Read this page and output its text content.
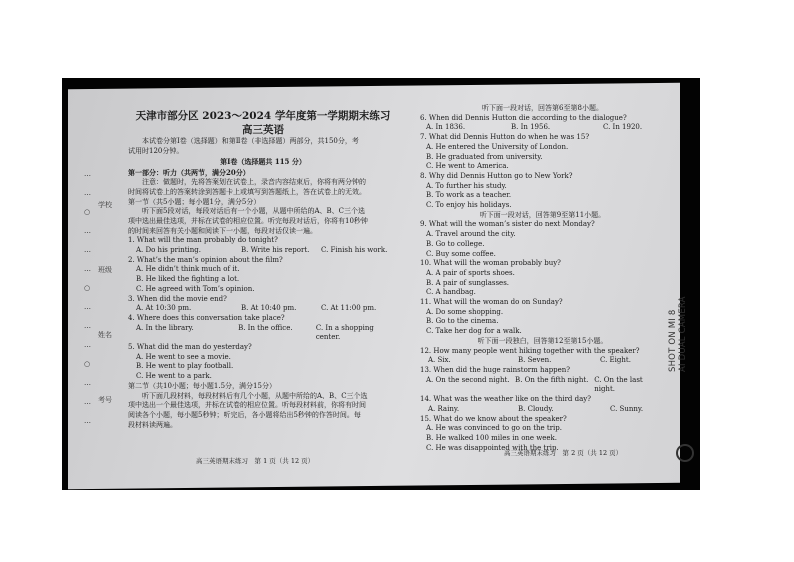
学校
班级
姓名
考号
…
…
○
…
…
…
○
…
…
…
○
…
…
…

天津市部分区 2023～2024 学年度第一学期期末练习

高三英语

本试卷分第Ⅰ卷（选择题）和第Ⅱ卷（非选择题）两部分，共150分，考

试用时120分钟。

第Ⅰ卷（选择题共 115 分）

第一部分：听力（共两节，满分20分）

注意：做题时，先将答案划在试卷上，录音内容结束后，你将有两分钟的

时间将试卷上的答案转涂到答题卡上或填写到答题纸上，答在试卷上的无效。

第一节（共5小题；每小题1分，满分5分）

听下面5段对话，每段对话后有一个小题，从题中所给的A、B、C三个选

项中选出最佳选项，并标在试卷的相应位置。听完每段对话后，你将有10秒钟

的时间来回答有关小题和阅读下一小题，每段对话仅读一遍。

1. What will the man probably do tonight?

A. Do his printing.	B. Write his report.	C. Finish his work.

2. What’s the man’s opinion about the film?

A. He didn’t think much of it.

B. He liked the fighting a lot.

C. He agreed with Tom’s opinion.

3. When did the movie end?

A. At 10:30 pm.	B. At 10:40 pm.	C. At 11:00 pm.

4. Where does this conversation take place?

A. In the library.	B. In the office.	C. In a shopping center.

5. What did the man do yesterday?

A. He went to see a movie.

B. He went to play football.

C. He went to a park.

第二节（共10小题；每小题1.5分，满分15分）

听下面几段材料，每段材料后有几个小题，从题中所给的A、B、C三个选

项中选出一个最佳选项，并标在试卷的相应位置。听每段材料前，你将有时间

阅读各个小题，每小题5秒钟；听完后，各小题将给出5秒钟的作答时间。每

段材料读两遍。

高三英语期末练习　第 1 页（共 12 页）

听下面一段对话，回答第6至第8小题。

6. When did Dennis Hutton die according to the dialogue?

A. In 1836.	B. In 1956.	C. In 1920.

7. What did Dennis Hutton do when he was 15?

A. He entered the University of London.

B. He graduated from university.

C. He went to America.

8. Why did Dennis Hutton go to New York?

A. To further his study.

B. To work as a teacher.

C. To enjoy his holidays.

听下面一段对话，回答第9至第11小题。

9. What will the woman’s sister do next Monday?

A. Travel around the city.

B. Go to college.

C. Buy some coffee.

10. What will the woman probably buy?

A. A pair of sports shoes.

B. A pair of sunglasses.

C. A handbag.

11. What will the woman do on Sunday?

A. Do some shopping.

B. Go to the cinema.

C. Take her dog for a walk.

听下面一段独白，回答第12至第15小题。

12. How many people went hiking together with the speaker?

A. Six.	B. Seven.	C. Eight.

13. When did the huge rainstorm happen?

A. On the second night. B. On the fifth night. C. On the last night.

14. What was the weather like on the third day?

A. Rainy.	B. Cloudy.	C. Sunny.

15. What do we know about the speaker?

A. He was convinced to go on the trip.

B. He walked 100 miles in one week.

C. He was disappointed with the trip.

高三英语期末练习　第 2 页（共 12 页）
SHOT ON MI 8 AI DUAL CAMERA
